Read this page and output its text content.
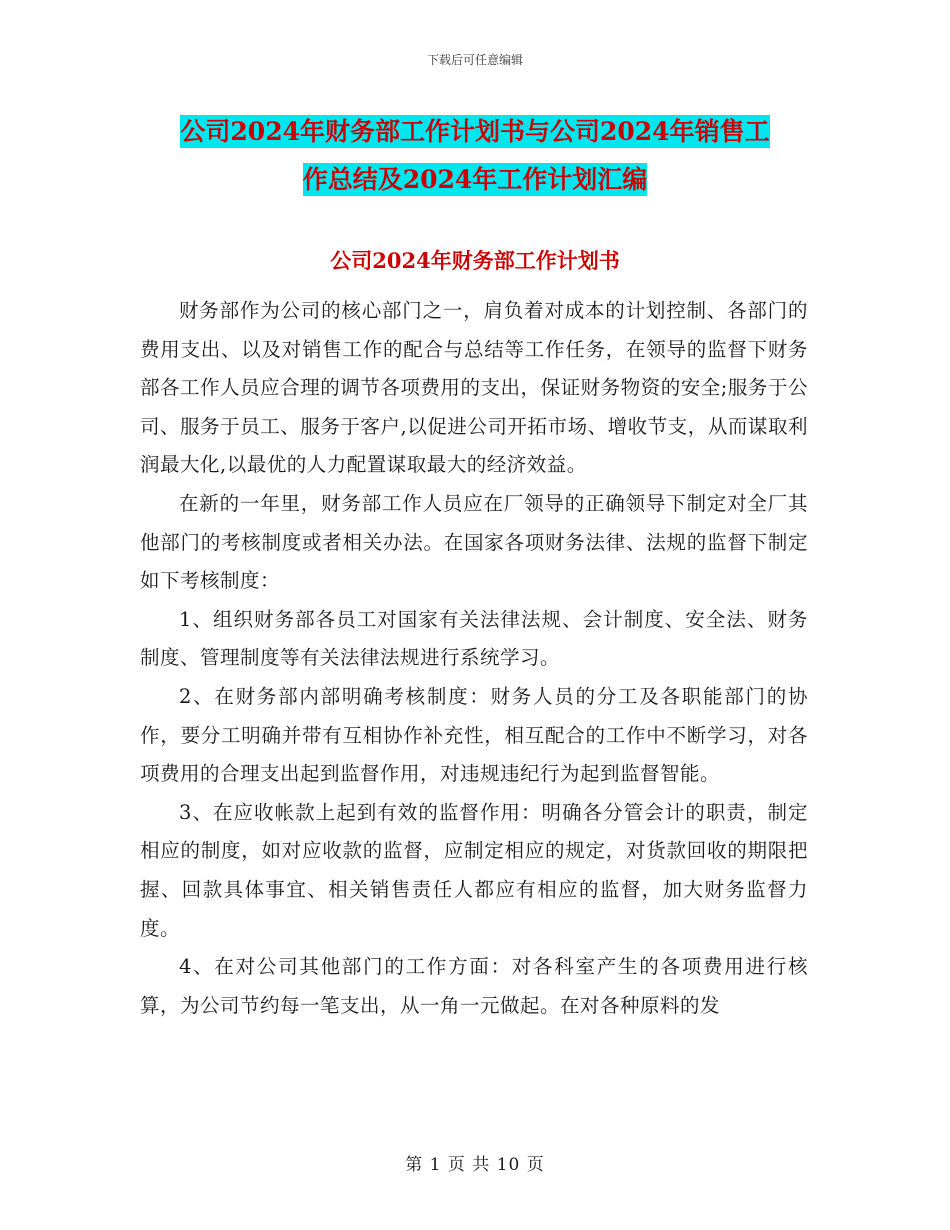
下载后可任意编辑
公司2024年财务部工作计划书与公司2024年销售工
作总结及2024年工作计划汇编
公司2024年财务部工作计划书

财务部作为公司的核心部门之一，肩负着对成本的计划控制、各部门的费用支出、以及对销售工作的配合与总结等工作任务，在领导的监督下财务部各工作人员应合理的调节各项费用的支出，保证财务物资的安全;服务于公司、服务于员工、服务于客户,以促进公司开拓市场、增收节支，从而谋取利润最大化,以最优的人力配置谋取最大的经济效益。

在新的一年里，财务部工作人员应在厂领导的正确领导下制定对全厂其他部门的考核制度或者相关办法。在国家各项财务法律、法规的监督下制定如下考核制度：

1、组织财务部各员工对国家有关法律法规、会计制度、安全法、财务制度、管理制度等有关法律法规进行系统学习。

2、在财务部内部明确考核制度：财务人员的分工及各职能部门的协作，要分工明确并带有互相协作补充性，相互配合的工作中不断学习，对各项费用的合理支出起到监督作用，对违规违纪行为起到监督智能。

3、在应收帐款上起到有效的监督作用：明确各分管会计的职责，制定相应的制度，如对应收款的监督，应制定相应的规定，对货款回收的期限把握、回款具体事宜、相关销售责任人都应有相应的监督，加大财务监督力度。

4、在对公司其他部门的工作方面：对各科室产生的各项费用进行核算，为公司节约每一笔支出，从一角一元做起。在对各种原料的发

第 1 页 共 10 页
